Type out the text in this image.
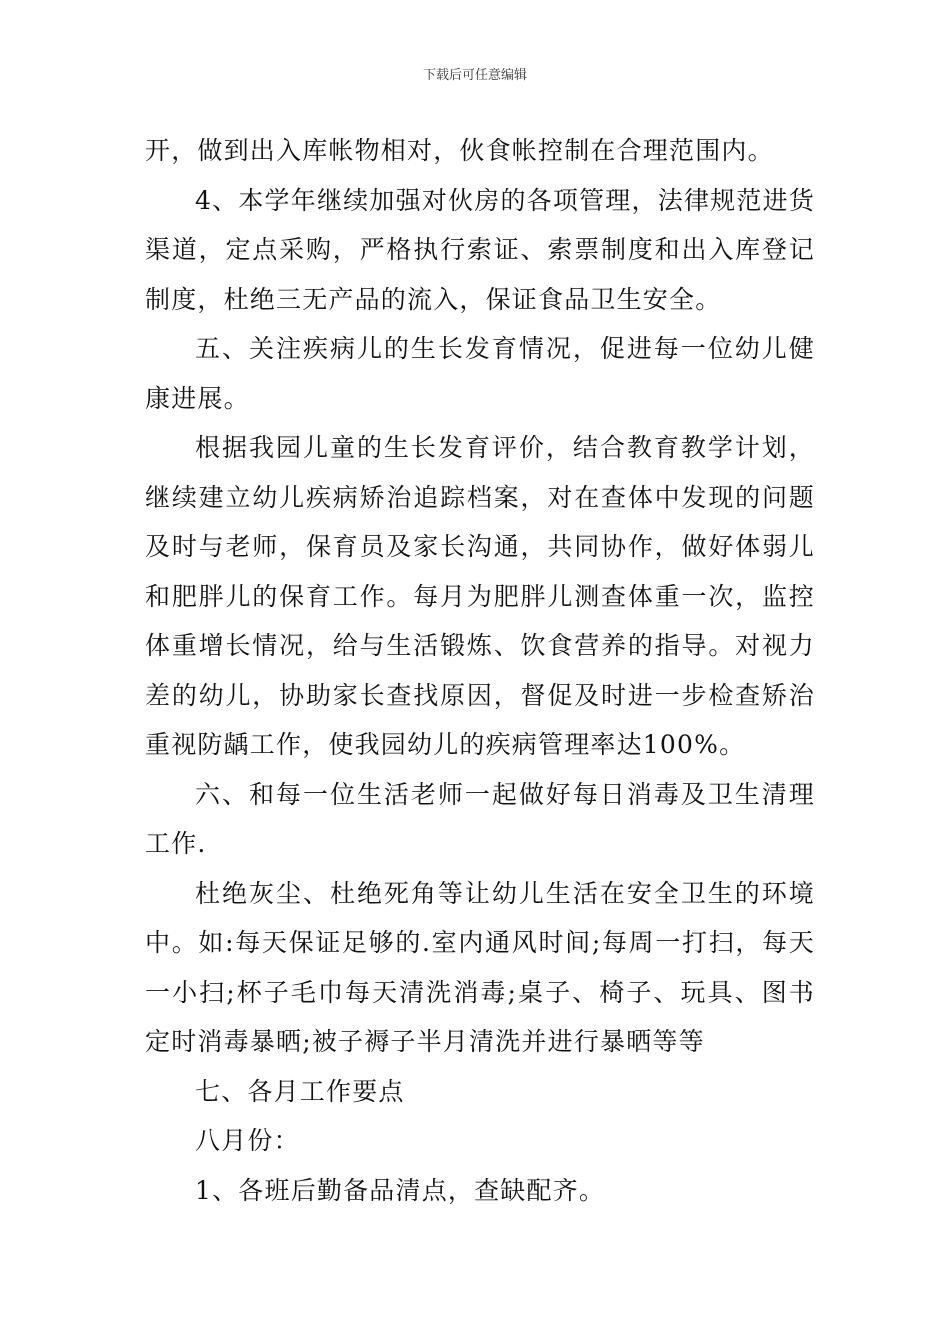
下载后可任意编辑

开，做到出入库帐物相对，伙食帐控制在合理范围内。

4、本学年继续加强对伙房的各项管理，法律规范进货渠道，定点采购，严格执行索证、索票制度和出入库登记制度，杜绝三无产品的流入，保证食品卫生安全。

五、关注疾病儿的生长发育情况，促进每一位幼儿健康进展。

根据我园儿童的生长发育评价，结合教育教学计划，继续建立幼儿疾病矫治追踪档案，对在查体中发现的问题及时与老师，保育员及家长沟通，共同协作，做好体弱儿和肥胖儿的保育工作。每月为肥胖儿测查体重一次，监控体重增长情况，给与生活锻炼、饮食营养的指导。对视力差的幼儿，协助家长查找原因，督促及时进一步检查矫治重视防龋工作，使我园幼儿的疾病管理率达100%。

六、和每一位生活老师一起做好每日消毒及卫生清理工作.

杜绝灰尘、杜绝死角等让幼儿生活在安全卫生的环境中。如:每天保证足够的.室内通风时间;每周一打扫，每天一小扫;杯子毛巾每天清洗消毒;桌子、椅子、玩具、图书定时消毒暴晒;被子褥子半月清洗并进行暴晒等等

七、各月工作要点

八月份：

1、各班后勤备品清点，查缺配齐。
